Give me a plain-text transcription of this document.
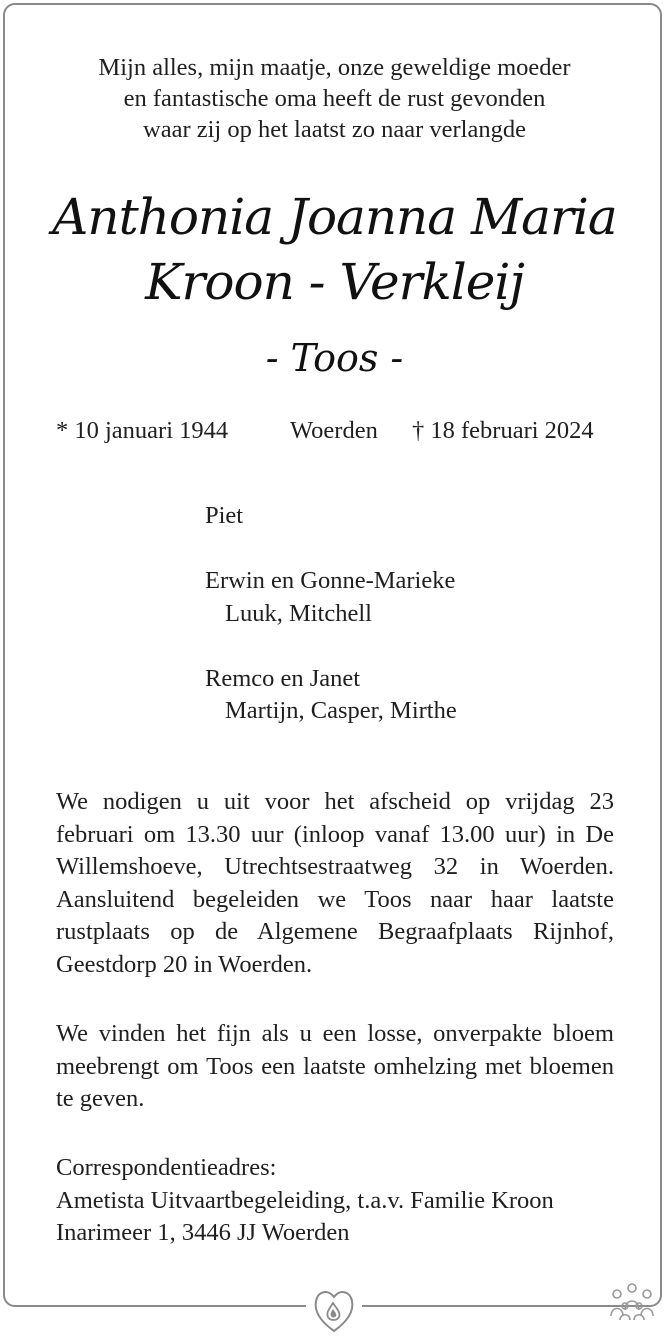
Mijn alles, mijn maatje, onze geweldige moeder
en fantastische oma heeft de rust gevonden
waar zij op het laatst zo naar verlangde
Anthonia Joanna Maria
Kroon - Verkleij
- Toos -
* 10 januari 1944	Woerden † 18 februari 2024
Piet
Erwin en Gonne-Marieke
Luuk, Mitchell
Remco en Janet
Martijn, Casper, Mirthe

We nodigen u uit voor het afscheid op vrijdag 23 februari om 13.30 uur (inloop vanaf 13.00 uur) in De Willemshoeve, Utrechtsestraatweg 32 in Woerden. Aansluitend begeleiden we Toos naar haar laatste rustplaats op de Algemene Begraafplaats Rijnhof, Geestdorp 20 in Woerden.

We vinden het fijn als u een losse, onverpakte bloem meebrengt om Toos een laatste omhelzing met bloemen te geven.

Correspondentieadres:
Ametista Uitvaartbegeleiding, t.a.v. Familie Kroon
Inarimeer 1, 3446 JJ Woerden
